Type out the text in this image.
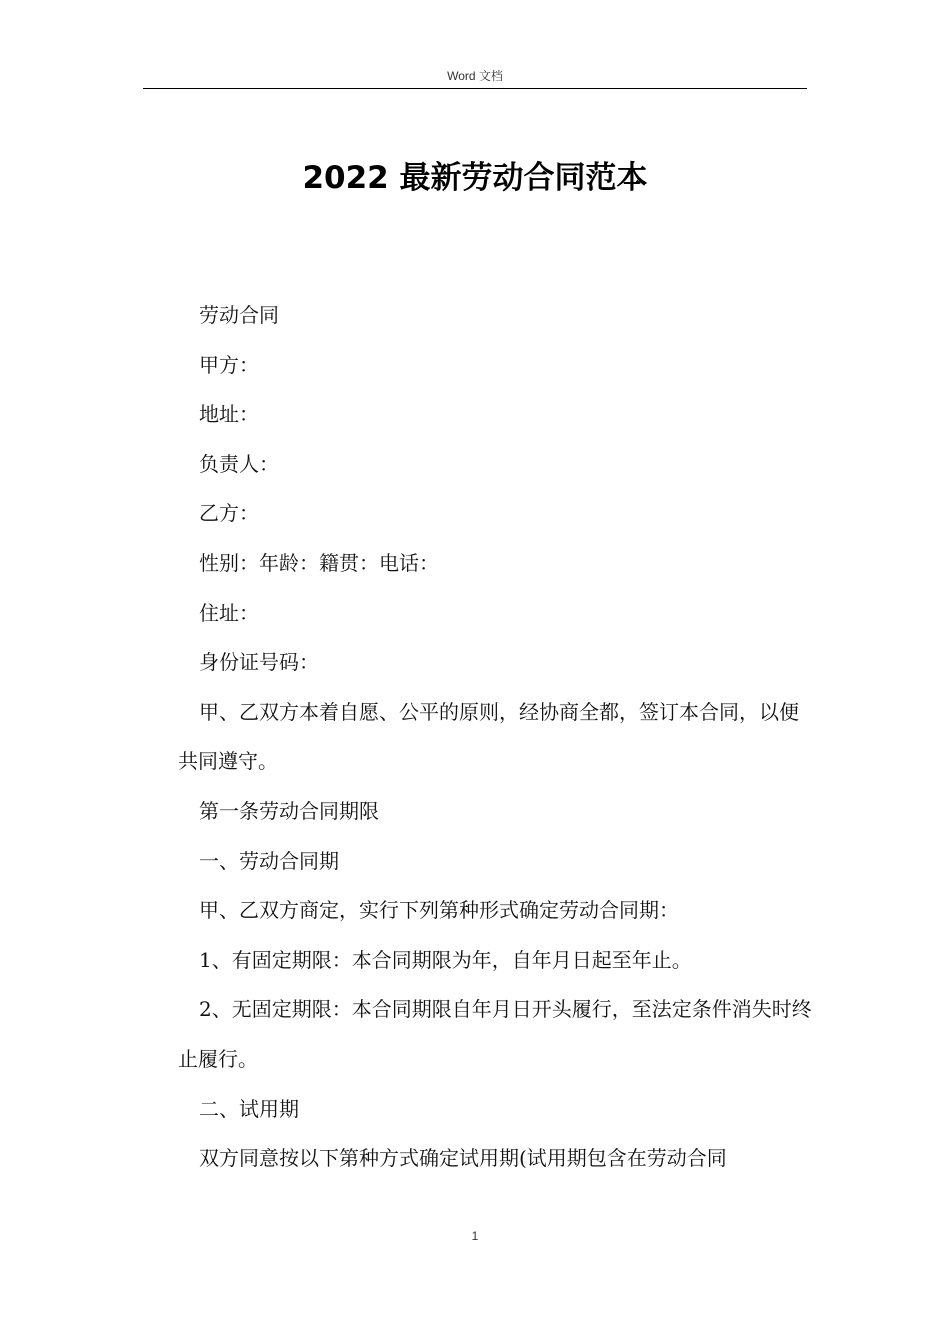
Word 文档
2022 最新劳动合同范本

劳动合同

甲方：

地址：

负责人：

乙方：

性别：年龄：籍贯：电话：

住址：

身份证号码：

甲、乙双方本着自愿、公平的原则，经协商全都，签订本合同，以便共同遵守。

第一条劳动合同期限

一、劳动合同期

甲、乙双方商定，实行下列第种形式确定劳动合同期：

1、有固定期限：本合同期限为年，自年月日起至年止。

2、无固定期限：本合同期限自年月日开头履行，至法定条件消失时终止履行。

二、试用期

双方同意按以下第种方式确定试用期(试用期包含在劳动合同

1
